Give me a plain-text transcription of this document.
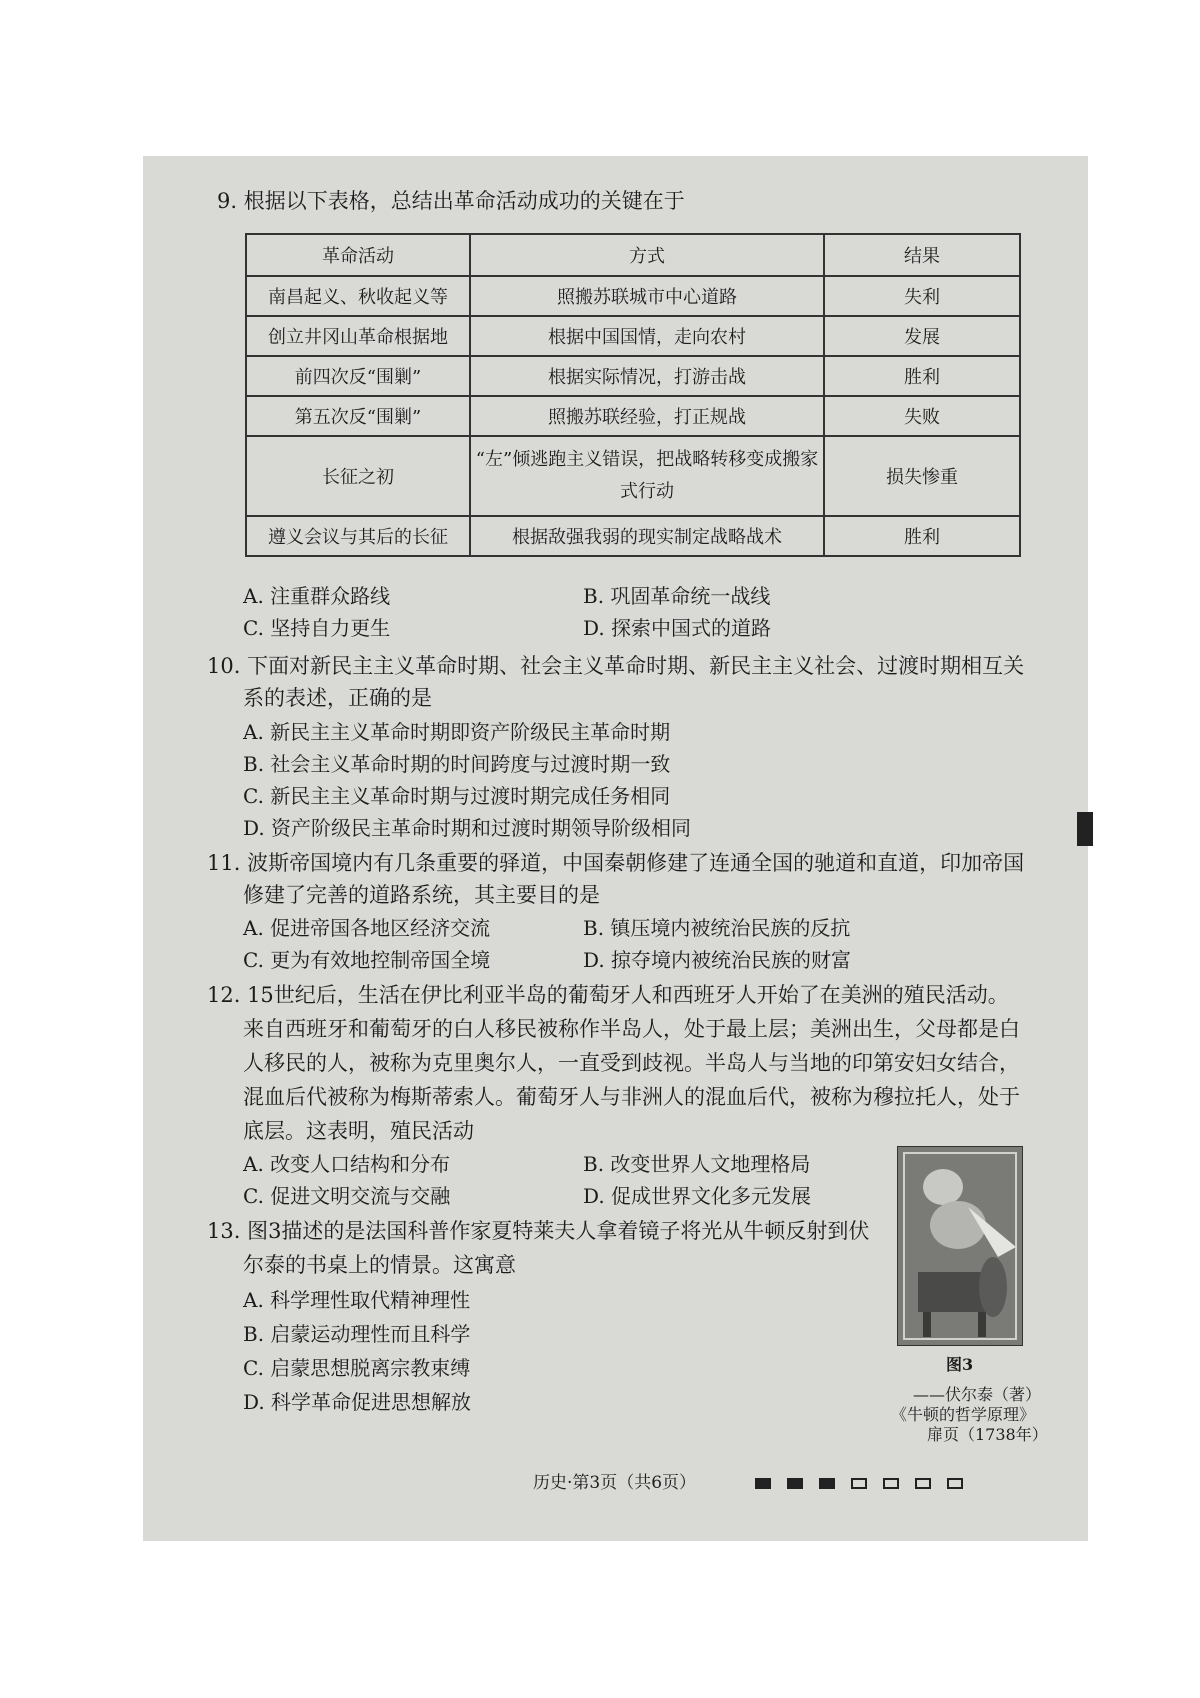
9. 根据以下表格，总结出革命活动成功的关键在于
革命活动	方式	结果
南昌起义、秋收起义等	照搬苏联城市中心道路	失利
创立井冈山革命根据地	根据中国国情，走向农村	发展
前四次反“围剿”	根据实际情况，打游击战	胜利
第五次反“围剿”	照搬苏联经验，打正规战	失败
长征之初	“左”倾逃跑主义错误，把战略转移变成搬家式行动	损失惨重
遵义会议与其后的长征	根据敌强我弱的现实制定战略战术	胜利
A. 注重群众路线	B. 巩固革命统一战线
C. 坚持自力更生	D. 探索中国式的道路
10. 下面对新民主主义革命时期、社会主义革命时期、新民主主义社会、过渡时期相互关
系的表述，正确的是
A. 新民主主义革命时期即资产阶级民主革命时期
B. 社会主义革命时期的时间跨度与过渡时期一致
C. 新民主主义革命时期与过渡时期完成任务相同
D. 资产阶级民主革命时期和过渡时期领导阶级相同
11. 波斯帝国境内有几条重要的驿道，中国秦朝修建了连通全国的驰道和直道，印加帝国
修建了完善的道路系统，其主要目的是
A. 促进帝国各地区经济交流	B. 镇压境内被统治民族的反抗
C. 更为有效地控制帝国全境	D. 掠夺境内被统治民族的财富
12. 15世纪后，生活在伊比利亚半岛的葡萄牙人和西班牙人开始了在美洲的殖民活动。
来自西班牙和葡萄牙的白人移民被称作半岛人，处于最上层；美洲出生，父母都是白
人移民的人，被称为克里奥尔人，一直受到歧视。半岛人与当地的印第安妇女结合，
混血后代被称为梅斯蒂索人。葡萄牙人与非洲人的混血后代，被称为穆拉托人，处于
底层。这表明，殖民活动
A. 改变人口结构和分布	B. 改变世界人文地理格局
C. 促进文明交流与交融	D. 促成世界文化多元发展
13. 图3描述的是法国科普作家夏特莱夫人拿着镜子将光从牛顿反射到伏
尔泰的书桌上的情景。这寓意
A. 科学理性取代精神理性
B. 启蒙运动理性而且科学
C. 启蒙思想脱离宗教束缚
D. 科学革命促进思想解放
图3
——伏尔泰（著）
《牛顿的哲学原理》
扉页（1738年）
历史·第3页（共6页）
